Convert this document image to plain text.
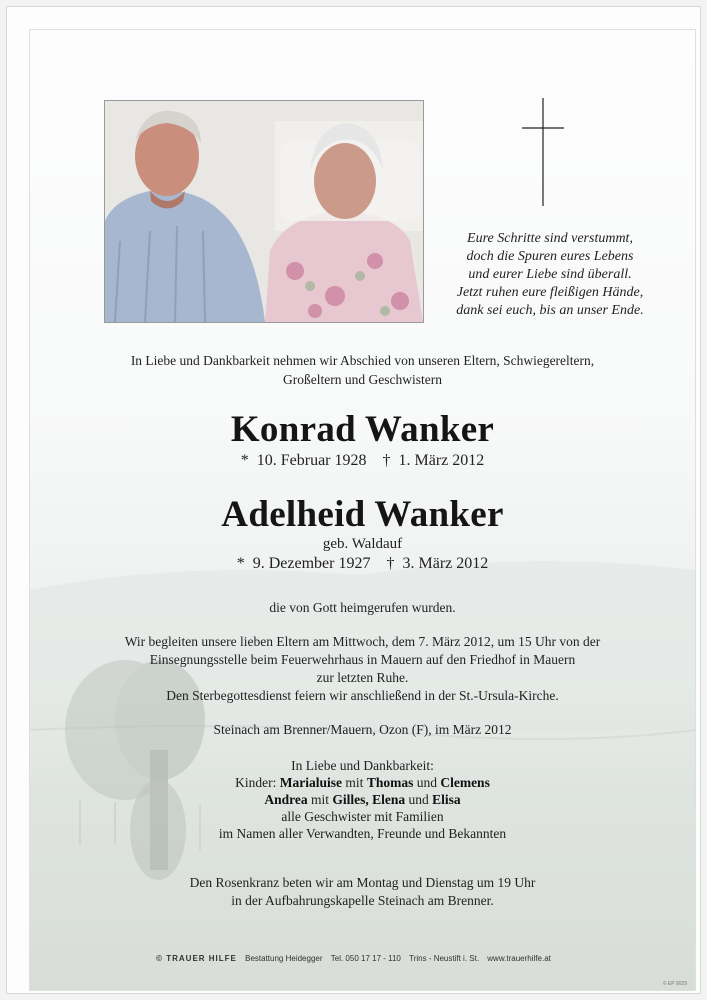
Eure Schritte sind verstummt,
doch die Spuren eures Lebens
und eurer Liebe sind überall.
Jetzt ruhen eure fleißigen Hände,
dank sei euch, bis an unser Ende.
In Liebe und Dankbarkeit nehmen wir Abschied von unseren Eltern, Schwiegereltern,
Großeltern und Geschwistern
Konrad Wanker
*  10. Februar 1928    †  1. März 2012
Adelheid Wanker
geb. Waldauf
*  9. Dezember 1927    †  3. März 2012
die von Gott heimgerufen wurden.
Wir begleiten unsere lieben Eltern am Mittwoch, dem 7. März 2012, um 15 Uhr von der
Einsegnungsstelle beim Feuerwehrhaus in Mauern auf den Friedhof in Mauern
zur letzten Ruhe.
Den Sterbegottesdienst feiern wir anschließend in der St.-Ursula-Kirche.
Steinach am Brenner/Mauern, Ozon (F), im März 2012
In Liebe und Dankbarkeit:
Kinder: Marialuise mit Thomas und Clemens
Andrea mit Gilles, Elena und Elisa
alle Geschwister mit Familien
im Namen aller Verwandten, Freunde und Bekannten
Den Rosenkranz beten wir am Montag und Dienstag um 19 Uhr
in der Aufbahrungskapelle Steinach am Brenner.
© TRAUER HILFE Bestattung Heidegger Tel. 050 17 17 - 110 Trins - Neustift i. St. www.trauerhilfe.at
© EP 9029
